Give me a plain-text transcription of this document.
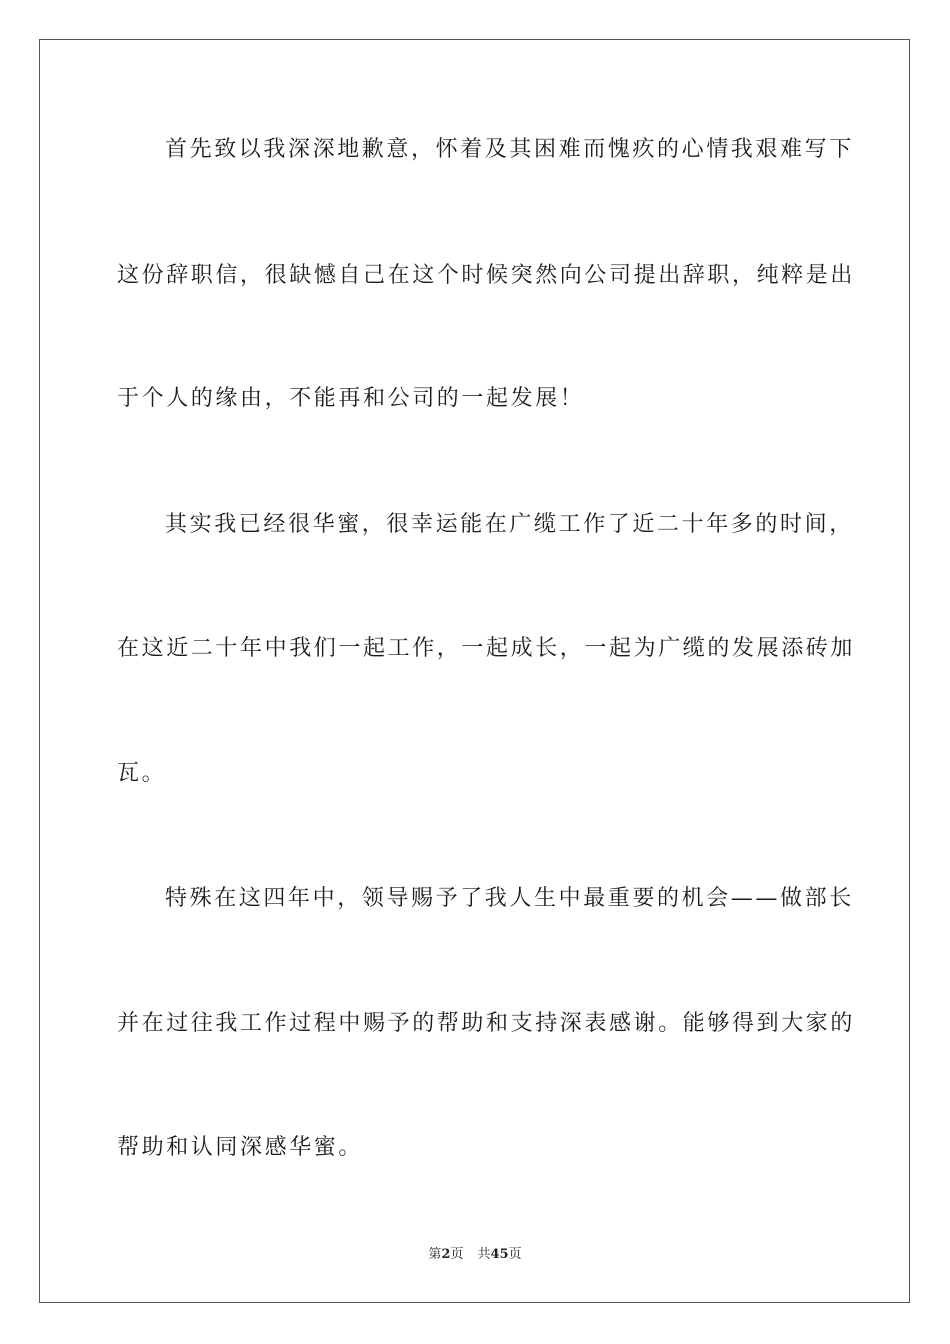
首先致以我深深地歉意，怀着及其困难而愧疚的心情我艰难写下
这份辞职信，很缺憾自己在这个时候突然向公司提出辞职，纯粹是出
于个人的缘由，不能再和公司的一起发展！
其实我已经很华蜜，很幸运能在广缆工作了近二十年多的时间，
在这近二十年中我们一起工作，一起成长，一起为广缆的发展添砖加
瓦。
特殊在这四年中，领导赐予了我人生中最重要的机会——做部长
并在过往我工作过程中赐予的帮助和支持深表感谢。能够得到大家的
帮助和认同深感华蜜。
第2页 共45页
